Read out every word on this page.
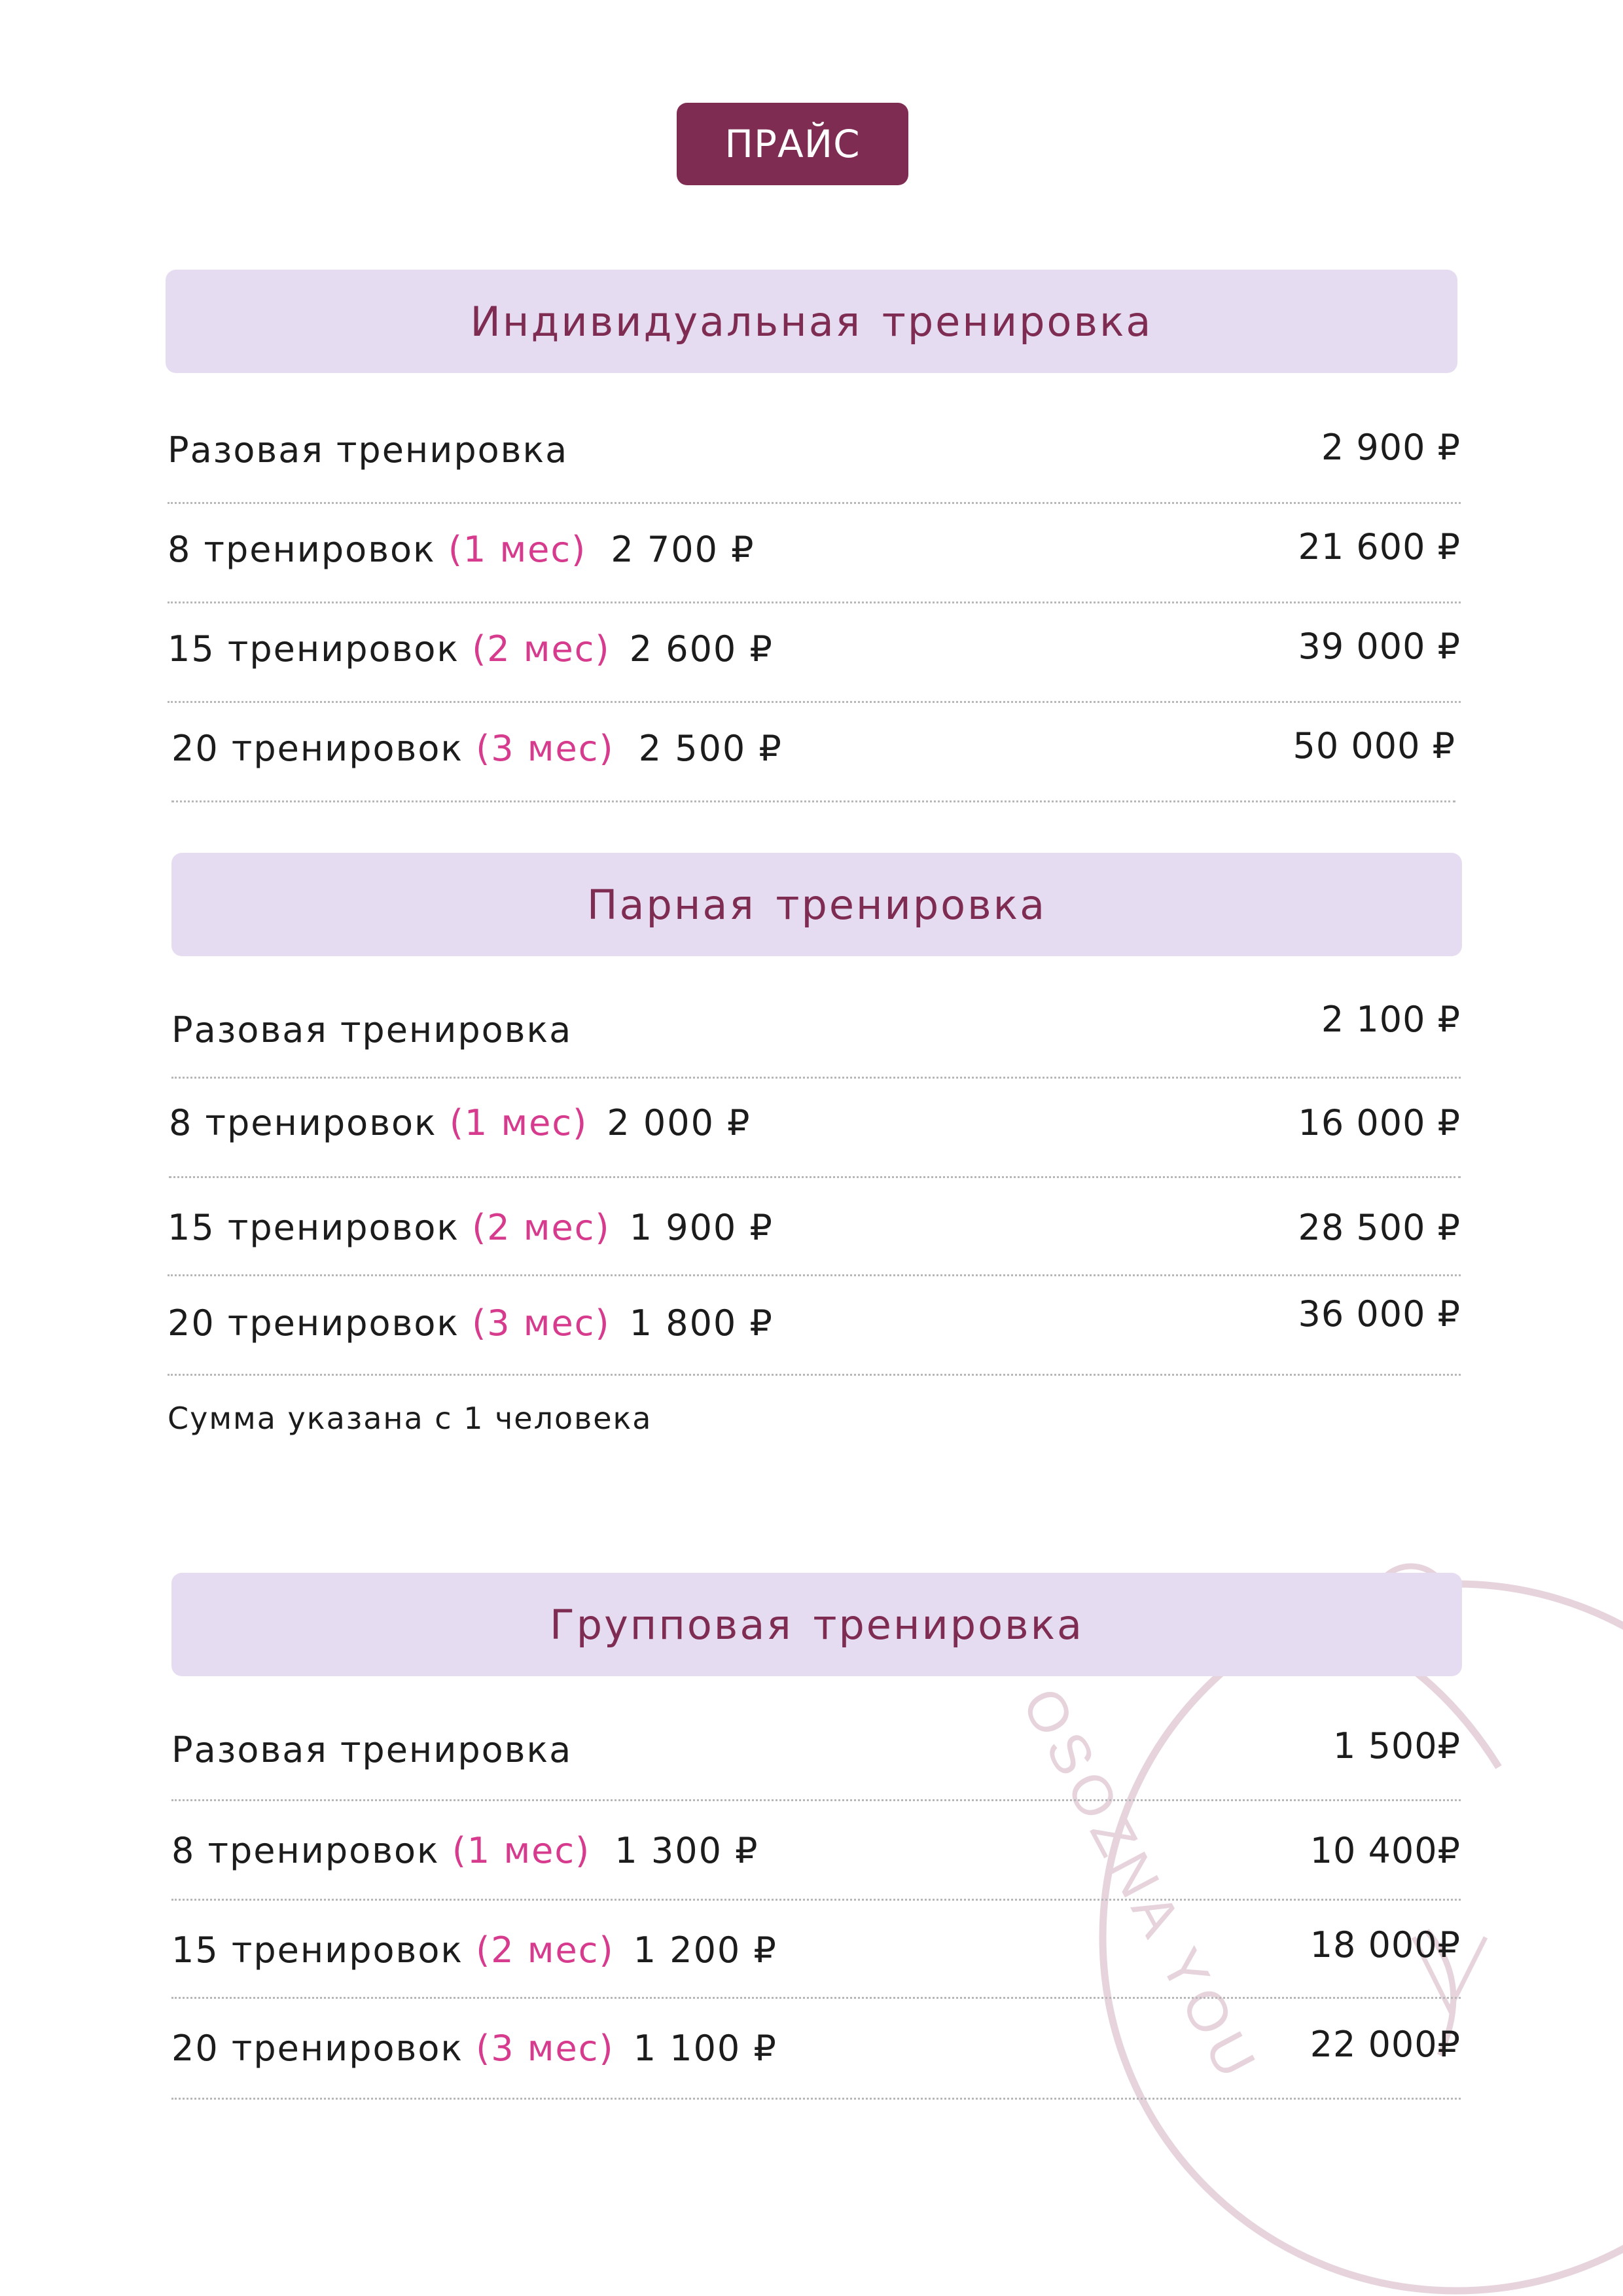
OSOZNA YOU
ПРАЙС
Индивидуальная тренировка
Разовая тренировка	2 900 ₽
8 тренировок (1 мес) 2 700 ₽	21 600 ₽
15 тренировок (2 мес) 2 600 ₽	39 000 ₽
20 тренировок (3 мес) 2 500 ₽	50 000 ₽
Парная тренировка
Разовая тренировка	2 100 ₽
8 тренировок (1 мес) 2 000 ₽	16 000 ₽
15 тренировок (2 мес) 1 900 ₽	28 500 ₽
20 тренировок (3 мес) 1 800 ₽	36 000 ₽
Сумма указана с 1 человека
Групповая тренировка
Разовая тренировка	1 500₽
8 тренировок (1 мес) 1 300 ₽	10 400₽
15 тренировок (2 мес) 1 200 ₽	18 000₽
20 тренировок (3 мес) 1 100 ₽	22 000₽
